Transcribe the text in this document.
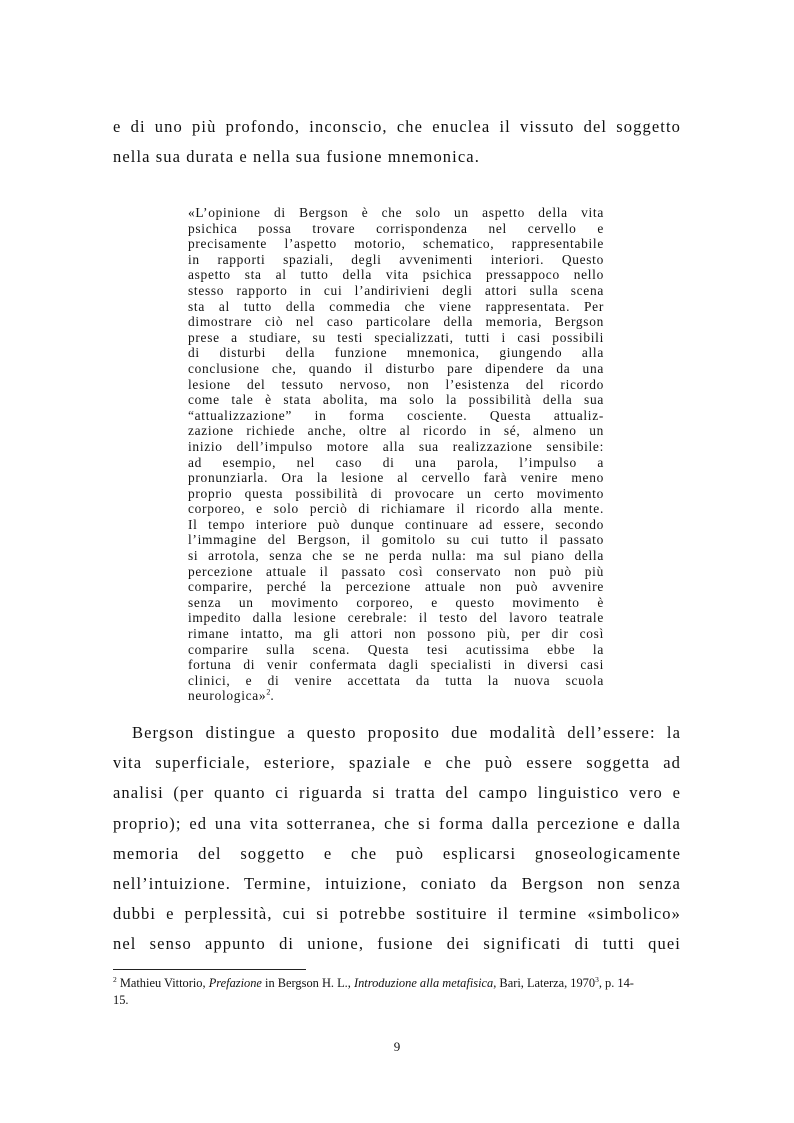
e di uno più profondo, inconscio, che enuclea il vissuto del soggetto
nella sua durata e nella sua fusione mnemonica.
«L’opinione di Bergson è che solo un aspetto della vita
psichica possa trovare corrispondenza nel cervello e
precisamente l’aspetto motorio, schematico, rappresentabile
in rapporti spaziali, degli avvenimenti interiori. Questo
aspetto sta al tutto della vita psichica pressappoco nello
stesso rapporto in cui l’andirivieni degli attori sulla scena
sta al tutto della commedia che viene rappresentata. Per
dimostrare ciò nel caso particolare della memoria, Bergson
prese a studiare, su testi specializzati, tutti i casi possibili
di disturbi della funzione mnemonica, giungendo alla
conclusione che, quando il disturbo pare dipendere da una
lesione del tessuto nervoso, non l’esistenza del ricordo
come tale è stata abolita, ma solo la possibilità della sua
“attualizzazione” in forma cosciente. Questa attualiz-
zazione richiede anche, oltre al ricordo in sé, almeno un
inizio dell’impulso motore alla sua realizzazione sensibile:
ad esempio, nel caso di una parola, l’impulso a
pronunziarla. Ora la lesione al cervello farà venire meno
proprio questa possibilità di provocare un certo movimento
corporeo, e solo perciò di richiamare il ricordo alla mente.
Il tempo interiore può dunque continuare ad essere, secondo
l’immagine del Bergson, il gomitolo su cui tutto il passato
si arrotola, senza che se ne perda nulla: ma sul piano della
percezione attuale il passato così conservato non può più
comparire, perché la percezione attuale non può avvenire
senza un movimento corporeo, e questo movimento è
impedito dalla lesione cerebrale: il testo del lavoro teatrale
rimane intatto, ma gli attori non possono più, per dir così
comparire sulla scena. Questa tesi acutissima ebbe la
fortuna di venir confermata dagli specialisti in diversi casi
clinici, e di venire accettata da tutta la nuova scuola
neurologica»$^2$.
Bergson distingue a questo proposito due modalità dell’essere: la
vita superficiale, esteriore, spaziale e che può essere soggetta ad
analisi (per quanto ci riguarda si tratta del campo linguistico vero e
proprio); ed una vita sotterranea, che si forma dalla percezione e dalla
memoria del soggetto e che può esplicarsi gnoseologicamente
nell’intuizione. Termine, intuizione, coniato da Bergson non senza
dubbi e perplessità, cui si potrebbe sostituire il termine «simbolico»
nel senso appunto di unione, fusione dei significati di tutti quei
$^2$ Mathieu Vittorio, Prefazione in Bergson H. L., Introduzione alla metafisica, Bari, Laterza, 1970$^3$, p. 14-
15.
9
